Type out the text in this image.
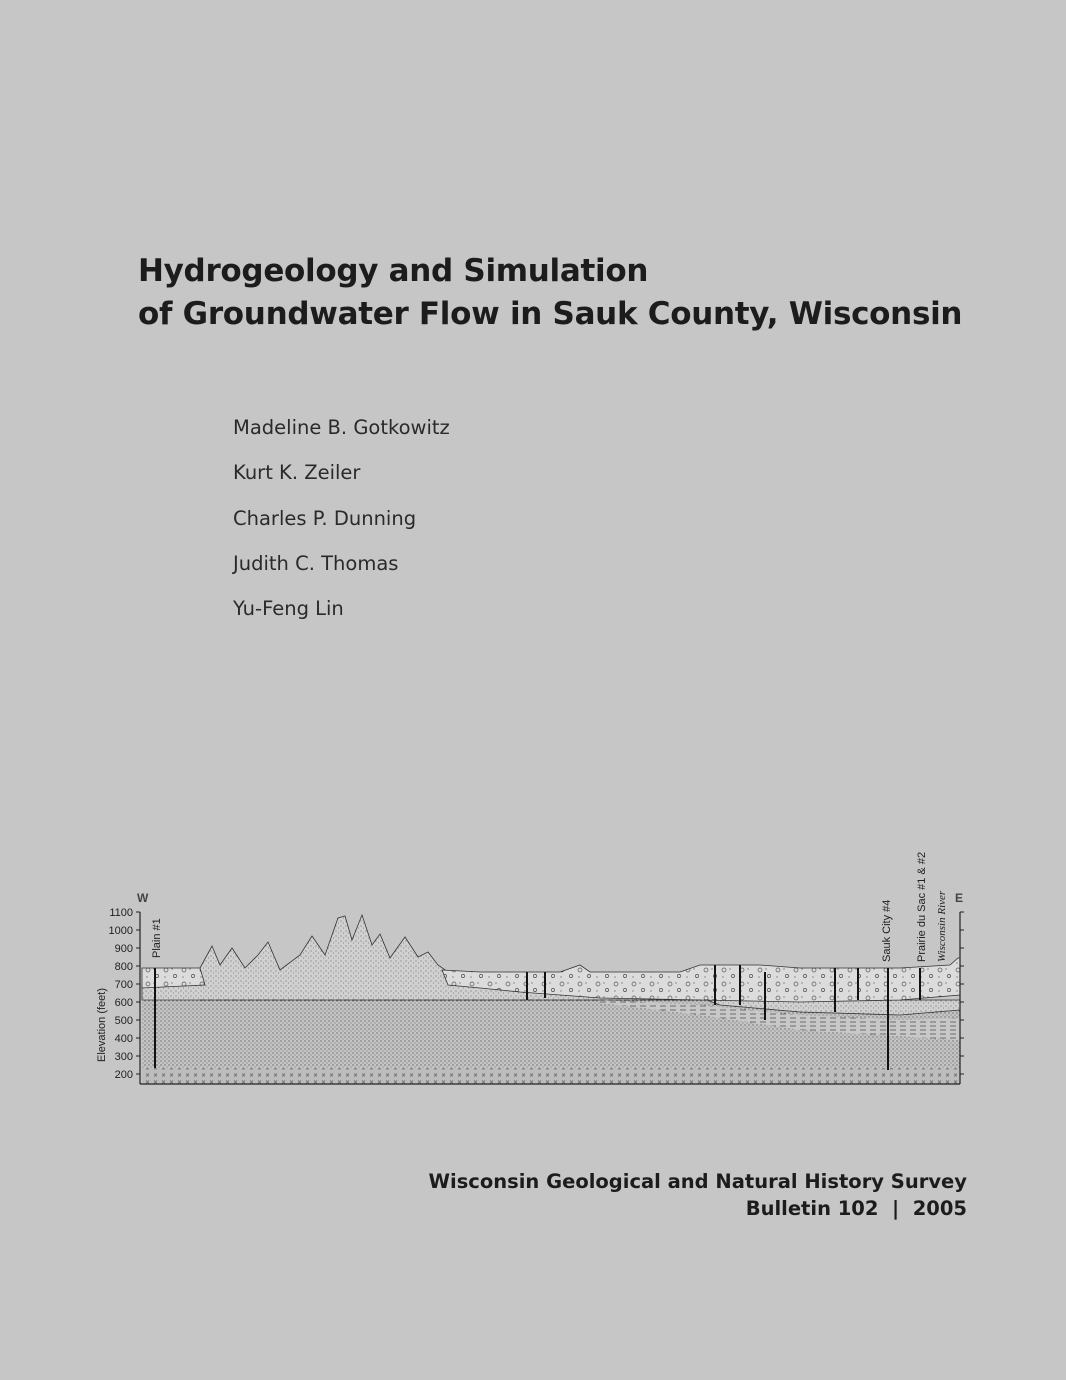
Hydrogeology and Simulation
of Groundwater Flow in Sauk County, Wisconsin
Madeline B. Gotkowitz
Kurt K. Zeiler
Charles P. Dunning
Judith C. Thomas
Yu-Feng Lin
1100
1000
900
800
700
600
500
400
300
200
Elevation (feet)
W	E
Plain #1	Sauk City #4 Prairie du Sac #1 & #2 Wisconsin River
Wisconsin Geological and Natural History Survey
Bulletin 102  |  2005
